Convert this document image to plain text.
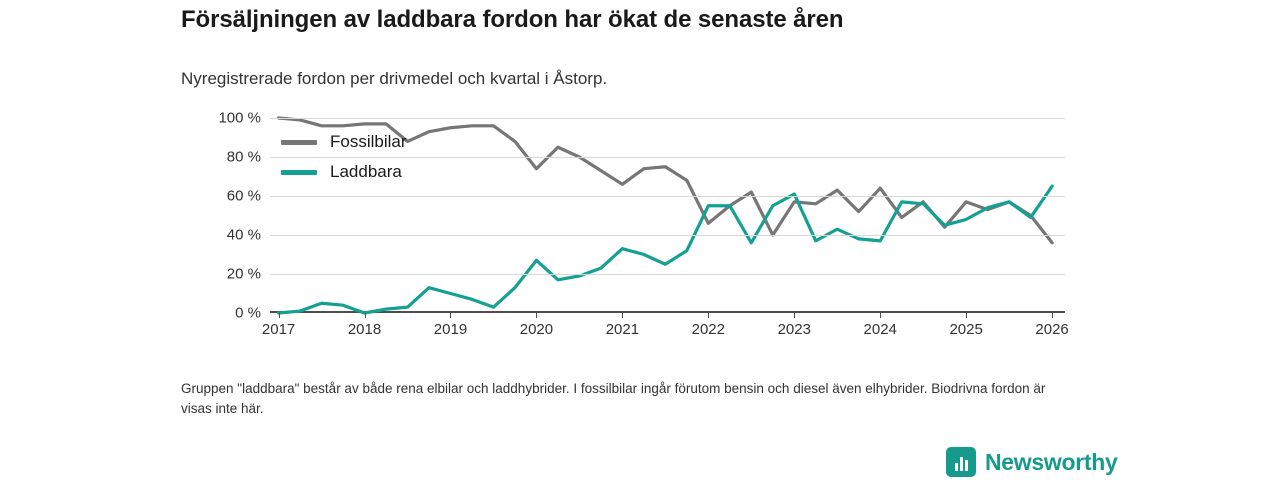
Försäljningen av laddbara fordon har ökat de senaste åren
Nyregistrerade fordon per drivmedel och kvartal i Åstorp.
0 %
20 %
40 %
60 %
80 %
100 %
2017	2018	2019	2020	2021	2022	2023	2024	2025	2026
Fossilbilar
Laddbara
Gruppen "laddbara" består av både rena elbilar och laddhybrider. I fossilbilar ingår förutom bensin och diesel även elhybrider. Biodrivna fordon är visas inte här.
Newsworthy
